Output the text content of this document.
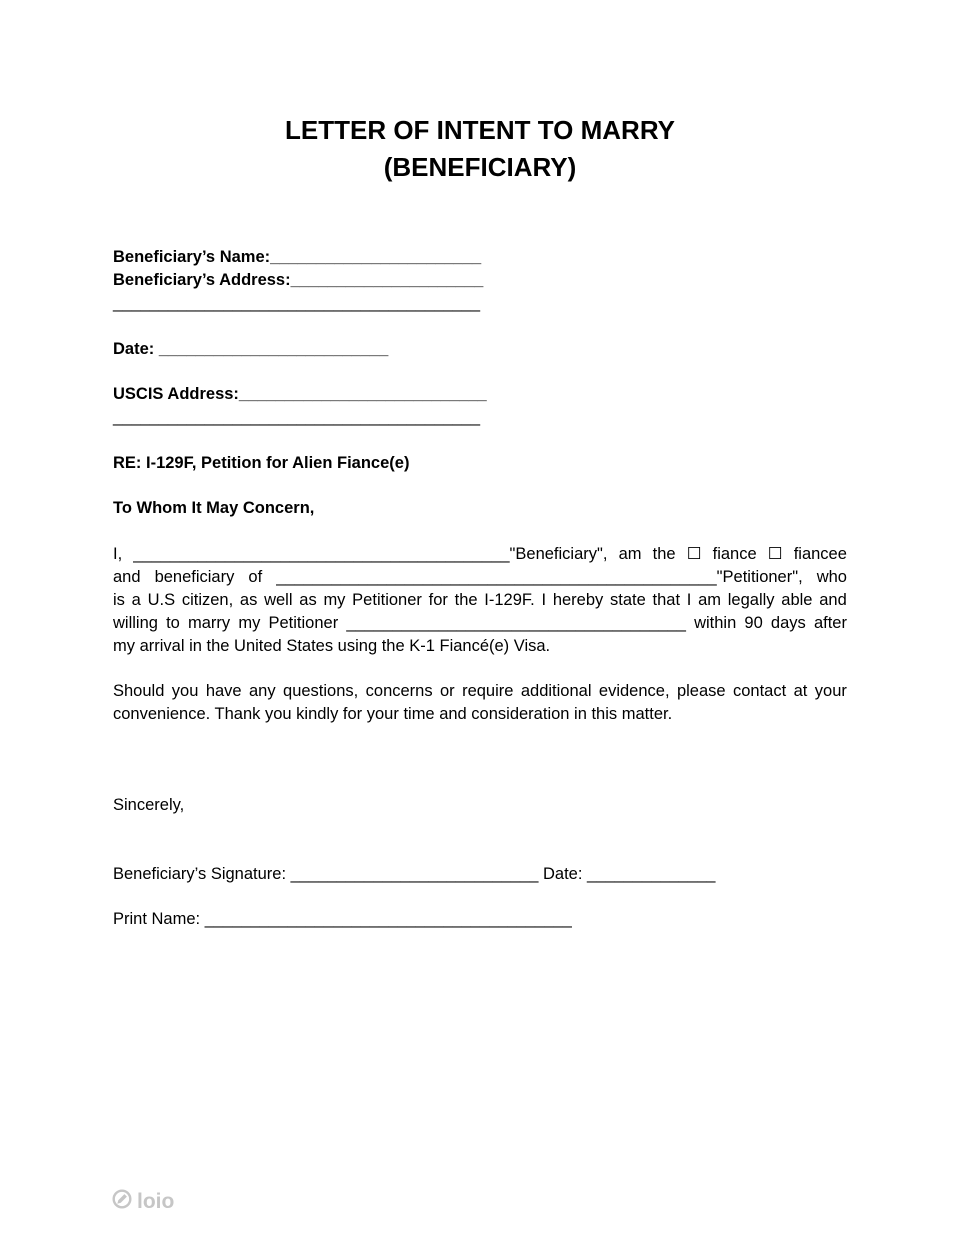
LETTER OF INTENT TO MARRY
(BENEFICIARY)
Beneficiary’s Name:_______________________
Beneficiary’s Address:_____________________
________________________________________
Date: _________________________
USCIS Address:___________________________
________________________________________
RE: I-129F, Petition for Alien Fiance(e)
To Whom It May Concern,
I, _________________________________________"Beneficiary", am the ☐ fiance ☐ fiancee
and beneficiary of ________________________________________________"Petitioner", who
is a U.S citizen, as well as my Petitioner for the I-129F. I hereby state that I am legally able and
willing to marry my Petitioner _____________________________________ within 90 days after
my arrival in the United States using the K-1 Fiancé(e) Visa.
Should you have any questions, concerns or require additional evidence, please contact at your
convenience. Thank you kindly for your time and consideration in this matter.
Sincerely,
Beneficiary’s Signature: ___________________________ Date: ______________
Print Name: ________________________________________
loio
